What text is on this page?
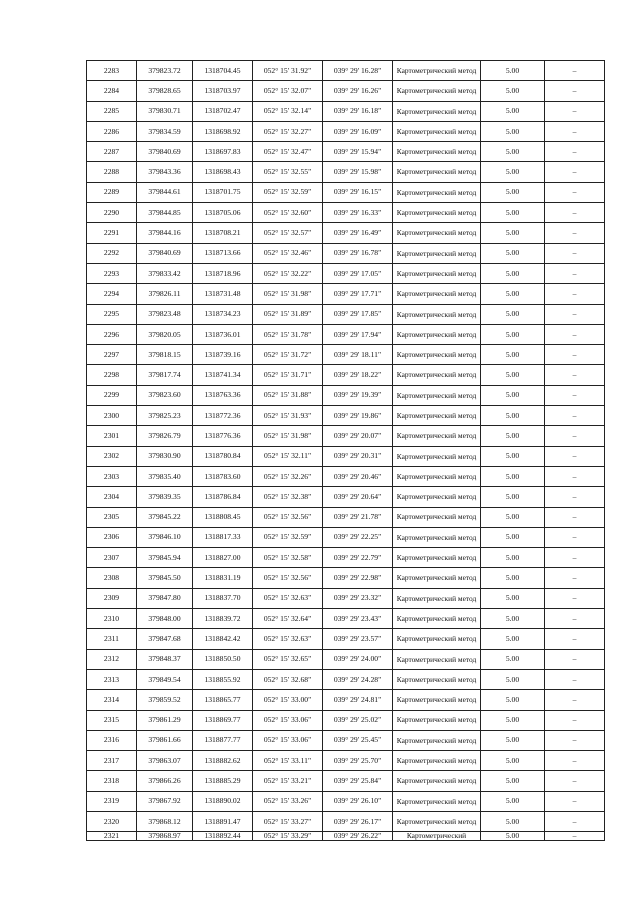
2283	379823.72	1318704.45	052° 15' 31.92"	039° 29' 16.28"	Картометрический метод	5.00	–
2284	379828.65	1318703.97	052° 15' 32.07"	039° 29' 16.26"	Картометрический метод	5.00	–
2285	379830.71	1318702.47	052° 15' 32.14"	039° 29' 16.18"	Картометрический метод	5.00	–
2286	379834.59	1318698.92	052° 15' 32.27"	039° 29' 16.09"	Картометрический метод	5.00	–
2287	379840.69	1318697.83	052° 15' 32.47"	039° 29' 15.94"	Картометрический метод	5.00	–
2288	379843.36	1318698.43	052° 15' 32.55"	039° 29' 15.98"	Картометрический метод	5.00	–
2289	379844.61	1318701.75	052° 15' 32.59"	039° 29' 16.15"	Картометрический метод	5.00	–
2290	379844.85	1318705.06	052° 15' 32.60"	039° 29' 16.33"	Картометрический метод	5.00	–
2291	379844.16	1318708.21	052° 15' 32.57"	039° 29' 16.49"	Картометрический метод	5.00	–
2292	379840.69	1318713.66	052° 15' 32.46"	039° 29' 16.78"	Картометрический метод	5.00	–
2293	379833.42	1318718.96	052° 15' 32.22"	039° 29' 17.05"	Картометрический метод	5.00	–
2294	379826.11	1318731.48	052° 15' 31.98"	039° 29' 17.71"	Картометрический метод	5.00	–
2295	379823.48	1318734.23	052° 15' 31.89"	039° 29' 17.85"	Картометрический метод	5.00	–
2296	379820.05	1318736.01	052° 15' 31.78"	039° 29' 17.94"	Картометрический метод	5.00	–
2297	379818.15	1318739.16	052° 15' 31.72"	039° 29' 18.11"	Картометрический метод	5.00	–
2298	379817.74	1318741.34	052° 15' 31.71"	039° 29' 18.22"	Картометрический метод	5.00	–
2299	379823.60	1318763.36	052° 15' 31.88"	039° 29' 19.39"	Картометрический метод	5.00	–
2300	379825.23	1318772.36	052° 15' 31.93"	039° 29' 19.86"	Картометрический метод	5.00	–
2301	379826.79	1318776.36	052° 15' 31.98"	039° 29' 20.07"	Картометрический метод	5.00	–
2302	379830.90	1318780.84	052° 15' 32.11"	039° 29' 20.31"	Картометрический метод	5.00	–
2303	379835.40	1318783.60	052° 15' 32.26"	039° 29' 20.46"	Картометрический метод	5.00	–
2304	379839.35	1318786.84	052° 15' 32.38"	039° 29' 20.64"	Картометрический метод	5.00	–
2305	379845.22	1318808.45	052° 15' 32.56"	039° 29' 21.78"	Картометрический метод	5.00	–
2306	379846.10	1318817.33	052° 15' 32.59"	039° 29' 22.25"	Картометрический метод	5.00	–
2307	379845.94	1318827.00	052° 15' 32.58"	039° 29' 22.79"	Картометрический метод	5.00	–
2308	379845.50	1318831.19	052° 15' 32.56"	039° 29' 22.98"	Картометрический метод	5.00	–
2309	379847.80	1318837.70	052° 15' 32.63"	039° 29' 23.32"	Картометрический метод	5.00	–
2310	379848.00	1318839.72	052° 15' 32.64"	039° 29' 23.43"	Картометрический метод	5.00	–
2311	379847.68	1318842.42	052° 15' 32.63"	039° 29' 23.57"	Картометрический метод	5.00	–
2312	379848.37	1318850.50	052° 15' 32.65"	039° 29' 24.00"	Картометрический метод	5.00	–
2313	379849.54	1318855.92	052° 15' 32.68"	039° 29' 24.28"	Картометрический метод	5.00	–
2314	379859.52	1318865.77	052° 15' 33.00"	039° 29' 24.81"	Картометрический метод	5.00	–
2315	379861.29	1318869.77	052° 15' 33.06"	039° 29' 25.02"	Картометрический метод	5.00	–
2316	379861.66	1318877.77	052° 15' 33.06"	039° 29' 25.45"	Картометрический метод	5.00	–
2317	379863.07	1318882.62	052° 15' 33.11"	039° 29' 25.70"	Картометрический метод	5.00	–
2318	379866.26	1318885.29	052° 15' 33.21"	039° 29' 25.84"	Картометрический метод	5.00	–
2319	379867.92	1318890.02	052° 15' 33.26"	039° 29' 26.10"	Картометрический метод	5.00	–
2320	379868.12	1318891.47	052° 15' 33.27"	039° 29' 26.17"	Картометрический метод	5.00	–
2321	379868.97	1318892.44	052° 15' 33.29"	039° 29' 26.22"	Картометрический	5.00	–
